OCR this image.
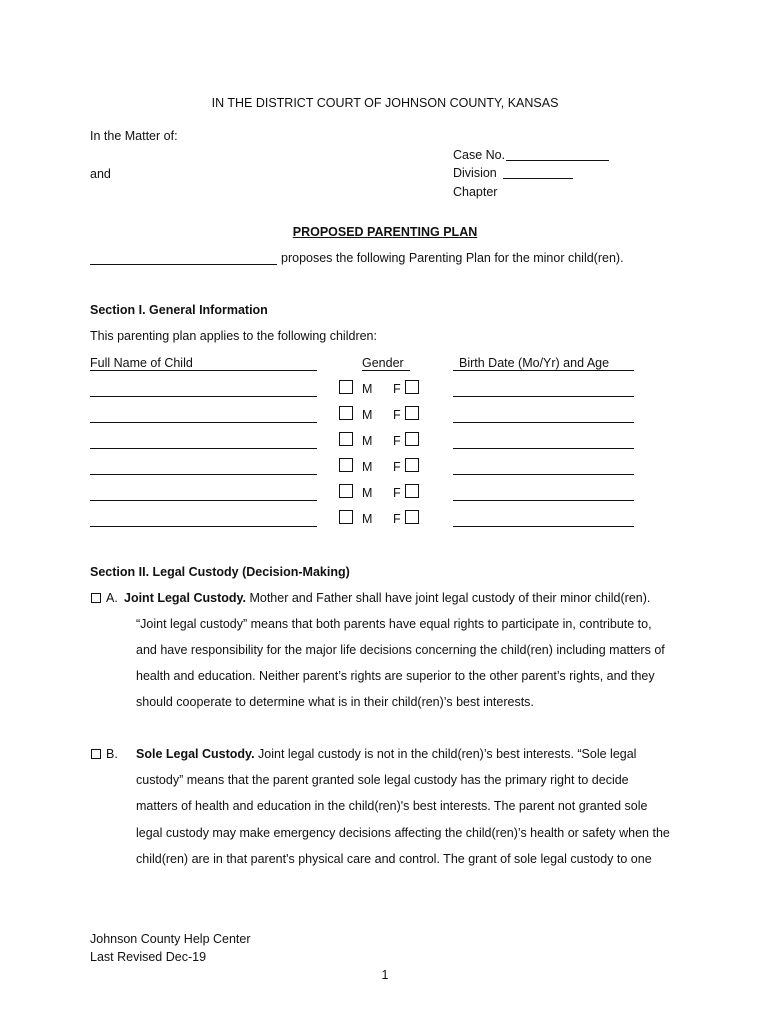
IN THE DISTRICT COURT OF JOHNSON COUNTY, KANSAS
In the Matter of:
and
Case No.
Division
Chapter
PROPOSED PARENTING PLAN
proposes the following Parenting Plan for the minor child(ren).
Section I. General Information
This parenting plan applies to the following children:
Full Name of Child	Gender	Birth Date (Mo/Yr) and Age
M F
M F
M F
M F
M F
M F
Section II. Legal Custody (Decision-Making)
A. Joint Legal Custody. Mother and Father shall have joint legal custody of their minor child(ren).
“Joint legal custody” means that both parents have equal rights to participate in, contribute to,
and have responsibility for the major life decisions concerning the child(ren) including matters of
health and education. Neither parent’s rights are superior to the other parent’s rights, and they
should cooperate to determine what is in their child(ren)’s best interests.
B. Sole Legal Custody. Joint legal custody is not in the child(ren)’s best interests. “Sole legal
custody” means that the parent granted sole legal custody has the primary right to decide
matters of health and education in the child(ren)'s best interests. The parent not granted sole
legal custody may make emergency decisions affecting the child(ren)’s health or safety when the
child(ren) are in that parent's physical care and control. The grant of sole legal custody to one
Johnson County Help Center
Last Revised Dec-19
1
